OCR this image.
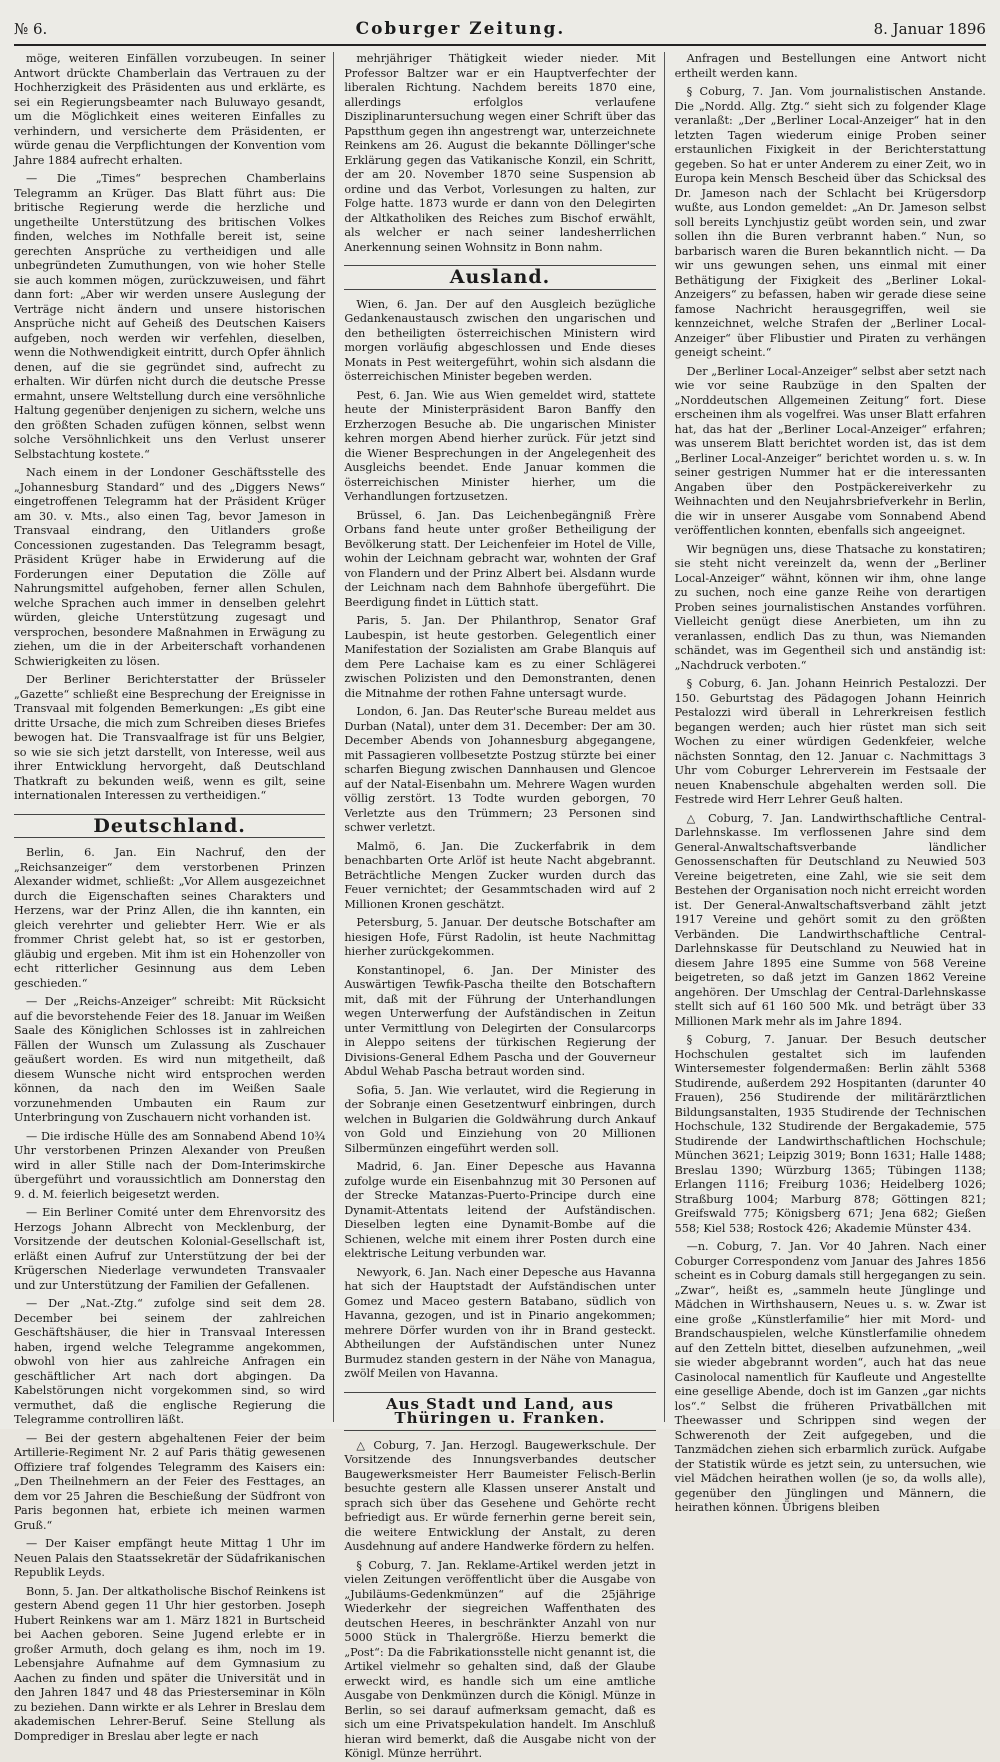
№ 6.	Coburger Zeitung.	8. Januar 1896

möge, weiteren Einfällen vorzubeugen. In seiner Antwort drückte Chamberlain das Vertrauen zu der Hochherzigkeit des Präsidenten aus und erklärte, es sei ein Regierungsbeamter nach Buluwayo gesandt, um die Möglichkeit eines weiteren Einfalles zu verhindern, und versicherte dem Präsidenten, er würde genau die Verpflichtungen der Konvention vom Jahre 1884 aufrecht erhalten.

— Die „Times“ besprechen Chamberlains Telegramm an Krüger. Das Blatt führt aus: Die britische Regierung werde die herzliche und ungetheilte Unterstützung des britischen Volkes finden, welches im Nothfalle bereit ist, seine gerechten Ansprüche zu vertheidigen und alle unbegründeten Zumuthungen, von wie hoher Stelle sie auch kommen mögen, zurückzuweisen, und fährt dann fort: „Aber wir werden unsere Auslegung der Verträge nicht ändern und unsere historischen Ansprüche nicht auf Geheiß des Deutschen Kaisers aufgeben, noch werden wir verfehlen, dieselben, wenn die Nothwendigkeit eintritt, durch Opfer ähnlich denen, auf die sie gegründet sind, aufrecht zu erhalten. Wir dürfen nicht durch die deutsche Presse ermahnt, unsere Weltstellung durch eine versöhnliche Haltung gegenüber denjenigen zu sichern, welche uns den größten Schaden zufügen können, selbst wenn solche Versöhnlichkeit uns den Verlust unserer Selbstachtung kostete.“

Nach einem in der Londoner Geschäftsstelle des „Johannesburg Standard“ und des „Diggers News“ eingetroffenen Telegramm hat der Präsident Krüger am 30. v. Mts., also einen Tag, bevor Jameson in Transvaal eindrang, den Uitlanders große Concessionen zugestanden. Das Telegramm besagt, Präsident Krüger habe in Erwiderung auf die Forderungen einer Deputation die Zölle auf Nahrungsmittel aufgehoben, ferner allen Schulen, welche Sprachen auch immer in denselben gelehrt würden, gleiche Unterstützung zugesagt und versprochen, besondere Maßnahmen in Erwägung zu ziehen, um die in der Arbeiterschaft vorhandenen Schwierigkeiten zu lösen.

Der Berliner Berichterstatter der Brüsseler „Gazette“ schließt eine Besprechung der Ereignisse in Transvaal mit folgenden Bemerkungen: „Es gibt eine dritte Ursache, die mich zum Schreiben dieses Briefes bewogen hat. Die Transvaalfrage ist für uns Belgier, so wie sie sich jetzt darstellt, von Interesse, weil aus ihrer Entwicklung hervorgeht, daß Deutschland Thatkraft zu bekunden weiß, wenn es gilt, seine internationalen Interessen zu vertheidigen.“

Deutschland.

Berlin, 6. Jan. Ein Nachruf, den der „Reichsanzeiger“ dem verstorbenen Prinzen Alexander widmet, schließt: „Vor Allem ausgezeichnet durch die Eigenschaften seines Charakters und Herzens, war der Prinz Allen, die ihn kannten, ein gleich verehrter und geliebter Herr. Wie er als frommer Christ gelebt hat, so ist er gestorben, gläubig und ergeben. Mit ihm ist ein Hohenzoller von echt ritterlicher Gesinnung aus dem Leben geschieden.“

— Der „Reichs-Anzeiger“ schreibt: Mit Rücksicht auf die bevorstehende Feier des 18. Januar im Weißen Saale des Königlichen Schlosses ist in zahlreichen Fällen der Wunsch um Zulassung als Zuschauer geäußert worden. Es wird nun mitgetheilt, daß diesem Wunsche nicht wird entsprochen werden können, da nach den im Weißen Saale vorzunehmenden Umbauten ein Raum zur Unterbringung von Zuschauern nicht vorhanden ist.

— Die irdische Hülle des am Sonnabend Abend 10¾ Uhr verstorbenen Prinzen Alexander von Preußen wird in aller Stille nach der Dom-Interimskirche übergeführt und voraussichtlich am Donnerstag den 9. d. M. feierlich beigesetzt werden.

— Ein Berliner Comité unter dem Ehrenvorsitz des Herzogs Johann Albrecht von Mecklenburg, der Vorsitzende der deutschen Kolonial-Gesellschaft ist, erläßt einen Aufruf zur Unterstützung der bei der Krügerschen Niederlage verwundeten Transvaaler und zur Unterstützung der Familien der Gefallenen.

— Der „Nat.-Ztg.“ zufolge sind seit dem 28. December bei seinem der zahlreichen Geschäftshäuser, die hier in Transvaal Interessen haben, irgend welche Telegramme angekommen, obwohl von hier aus zahlreiche Anfragen ein geschäftlicher Art nach dort abgingen. Da Kabelstörungen nicht vorgekommen sind, so wird vermuthet, daß die englische Regierung die Telegramme controlliren läßt.

— Bei der gestern abgehaltenen Feier der beim Artillerie-Regiment Nr. 2 auf Paris thätig gewesenen Offiziere traf folgendes Telegramm des Kaisers ein: „Den Theilnehmern an der Feier des Festtages, an dem vor 25 Jahren die Beschießung der Südfront von Paris begonnen hat, erbiete ich meinen warmen Gruß.“

— Der Kaiser empfängt heute Mittag 1 Uhr im Neuen Palais den Staatssekretär der Südafrikanischen Republik Leyds.

Bonn, 5. Jan. Der altkatholische Bischof Reinkens ist gestern Abend gegen 11 Uhr hier gestorben. Joseph Hubert Reinkens war am 1. März 1821 in Burtscheid bei Aachen geboren. Seine Jugend erlebte er in großer Armuth, doch gelang es ihm, noch im 19. Lebensjahre Aufnahme auf dem Gymnasium zu Aachen zu finden und später die Universität und in den Jahren 1847 und 48 das Priesterseminar in Köln zu beziehen. Dann wirkte er als Lehrer in Breslau dem akademischen Lehrer-Beruf. Seine Stellung als Domprediger in Breslau aber legte er nach

mehrjähriger Thätigkeit wieder nieder. Mit Professor Baltzer war er ein Hauptverfechter der liberalen Richtung. Nachdem bereits 1870 eine, allerdings erfolglos verlaufene Disziplinaruntersuchung wegen einer Schrift über das Papstthum gegen ihn angestrengt war, unterzeichnete Reinkens am 26. August die bekannte Döllinger'sche Erklärung gegen das Vatikanische Konzil, ein Schritt, der am 20. November 1870 seine Suspension ab ordine und das Verbot, Vorlesungen zu halten, zur Folge hatte. 1873 wurde er dann von den Delegirten der Altkatholiken des Reiches zum Bischof erwählt, als welcher er nach seiner landesherrlichen Anerkennung seinen Wohnsitz in Bonn nahm.

Ausland.

Wien, 6. Jan. Der auf den Ausgleich bezügliche Gedankenaustausch zwischen den ungarischen und den betheiligten österreichischen Ministern wird morgen vorläufig abgeschlossen und Ende dieses Monats in Pest weitergeführt, wohin sich alsdann die österreichischen Minister begeben werden.

Pest, 6. Jan. Wie aus Wien gemeldet wird, stattete heute der Ministerpräsident Baron Banffy den Erzherzogen Besuche ab. Die ungarischen Minister kehren morgen Abend hierher zurück. Für jetzt sind die Wiener Besprechungen in der Angelegenheit des Ausgleichs beendet. Ende Januar kommen die österreichischen Minister hierher, um die Verhandlungen fortzusetzen.

Brüssel, 6. Jan. Das Leichenbegängniß Frère Orbans fand heute unter großer Betheiligung der Bevölkerung statt. Der Leichenfeier im Hotel de Ville, wohin der Leichnam gebracht war, wohnten der Graf von Flandern und der Prinz Albert bei. Alsdann wurde der Leichnam nach dem Bahnhofe übergeführt. Die Beerdigung findet in Lüttich statt.

Paris, 5. Jan. Der Philanthrop, Senator Graf Laubespin, ist heute gestorben. Gelegentlich einer Manifestation der Sozialisten am Grabe Blanquis auf dem Pere Lachaise kam es zu einer Schlägerei zwischen Polizisten und den Demonstranten, denen die Mitnahme der rothen Fahne untersagt wurde.

London, 6. Jan. Das Reuter'sche Bureau meldet aus Durban (Natal), unter dem 31. December: Der am 30. December Abends von Johannesburg abgegangene, mit Passagieren vollbesetzte Postzug stürzte bei einer scharfen Biegung zwischen Dannhausen und Glencoe auf der Natal-Eisenbahn um. Mehrere Wagen wurden völlig zerstört. 13 Todte wurden geborgen, 70 Verletzte aus den Trümmern; 23 Personen sind schwer verletzt.

Malmö, 6. Jan. Die Zuckerfabrik in dem benachbarten Orte Arlöf ist heute Nacht abgebrannt. Beträchtliche Mengen Zucker wurden durch das Feuer vernichtet; der Gesammtschaden wird auf 2 Millionen Kronen geschätzt.

Petersburg, 5. Januar. Der deutsche Botschafter am hiesigen Hofe, Fürst Radolin, ist heute Nachmittag hierher zurückgekommen.

Konstantinopel, 6. Jan. Der Minister des Auswärtigen Tewfik-Pascha theilte den Botschaftern mit, daß mit der Führung der Unterhandlungen wegen Unterwerfung der Aufständischen in Zeitun unter Vermittlung von Delegirten der Consularcorps in Aleppo seitens der türkischen Regierung der Divisions-General Edhem Pascha und der Gouverneur Abdul Wehab Pascha betraut worden sind.

Sofia, 5. Jan. Wie verlautet, wird die Regierung in der Sobranje einen Gesetzentwurf einbringen, durch welchen in Bulgarien die Goldwährung durch Ankauf von Gold und Einziehung von 20 Millionen Silbermünzen eingeführt werden soll.

Madrid, 6. Jan. Einer Depesche aus Havanna zufolge wurde ein Eisenbahnzug mit 30 Personen auf der Strecke Matanzas-Puerto-Principe durch eine Dynamit-Attentats leitend der Aufständischen. Dieselben legten eine Dynamit-Bombe auf die Schienen, welche mit einem ihrer Posten durch eine elektrische Leitung verbunden war.

Newyork, 6. Jan. Nach einer Depesche aus Havanna hat sich der Hauptstadt der Aufständischen unter Gomez und Maceo gestern Batabano, südlich von Havanna, gezogen, und ist in Pinario angekommen; mehrere Dörfer wurden von ihr in Brand gesteckt. Abtheilungen der Aufständischen unter Nunez Burmudez standen gestern in der Nähe von Managua, zwölf Meilen von Havanna.

Aus Stadt und Land, aus Thüringen u. Franken.

△ Coburg, 7. Jan. Herzogl. Baugewerkschule. Der Vorsitzende des Innungsverbandes deutscher Baugewerksmeister Herr Baumeister Felisch-Berlin besuchte gestern alle Klassen unserer Anstalt und sprach sich über das Gesehene und Gehörte recht befriedigt aus. Er würde fernerhin gerne bereit sein, die weitere Entwicklung der Anstalt, zu deren Ausdehnung auf andere Handwerke fördern zu helfen.

§ Coburg, 7. Jan. Reklame-Artikel werden jetzt in vielen Zeitungen veröffentlicht über die Ausgabe von „Jubiläums-Gedenkmünzen“ auf die 25jährige Wiederkehr der siegreichen Waffenthaten des deutschen Heeres, in beschränkter Anzahl von nur 5000 Stück in Thalergröße. Hierzu bemerkt die „Post“: Da die Fabrikationsstelle nicht genannt ist, die Artikel vielmehr so gehalten sind, daß der Glaube erweckt wird, es handle sich um eine amtliche Ausgabe von Denkmünzen durch die Königl. Münze in Berlin, so sei darauf aufmerksam gemacht, daß es sich um eine Privatspekulation handelt. Im Anschluß hieran wird bemerkt, daß die Ausgabe nicht von der Königl. Münze herrührt.

Anfragen und Bestellungen eine Antwort nicht ertheilt werden kann.

§ Coburg, 7. Jan. Vom journalistischen Anstande. Die „Nordd. Allg. Ztg.“ sieht sich zu folgender Klage veranlaßt: „Der „Berliner Local-Anzeiger“ hat in den letzten Tagen wiederum einige Proben seiner erstaunlichen Fixigkeit in der Berichterstattung gegeben. So hat er unter Anderem zu einer Zeit, wo in Europa kein Mensch Bescheid über das Schicksal des Dr. Jameson nach der Schlacht bei Krügersdorp wußte, aus London gemeldet: „An Dr. Jameson selbst soll bereits Lynchjustiz geübt worden sein, und zwar sollen ihn die Buren verbrannt haben.“ Nun, so barbarisch waren die Buren bekanntlich nicht. — Da wir uns gewungen sehen, uns einmal mit einer Bethätigung der Fixigkeit des „Berliner Lokal-Anzeigers“ zu befassen, haben wir gerade diese seine famose Nachricht herausgegriffen, weil sie kennzeichnet, welche Strafen der „Berliner Local-Anzeiger“ über Flibustier und Piraten zu verhängen geneigt scheint.“

Der „Berliner Local-Anzeiger“ selbst aber setzt nach wie vor seine Raubzüge in den Spalten der „Norddeutschen Allgemeinen Zeitung“ fort. Diese erscheinen ihm als vogelfrei. Was unser Blatt erfahren hat, das hat der „Berliner Local-Anzeiger“ erfahren; was unserem Blatt berichtet worden ist, das ist dem „Berliner Local-Anzeiger“ berichtet worden u. s. w. In seiner gestrigen Nummer hat er die interessanten Angaben über den Postpäckereiverkehr zu Weihnachten und den Neujahrsbriefverkehr in Berlin, die wir in unserer Ausgabe vom Sonnabend Abend veröffentlichen konnten, ebenfalls sich angeeignet.

Wir begnügen uns, diese Thatsache zu konstatiren; sie steht nicht vereinzelt da, wenn der „Berliner Local-Anzeiger“ wähnt, können wir ihm, ohne lange zu suchen, noch eine ganze Reihe von derartigen Proben seines journalistischen Anstandes vorführen. Vielleicht genügt diese Anerbieten, um ihn zu veranlassen, endlich Das zu thun, was Niemanden schändet, was im Gegentheil sich und anständig ist: „Nachdruck verboten.“

§ Coburg, 6. Jan. Johann Heinrich Pestalozzi. Der 150. Geburtstag des Pädagogen Johann Heinrich Pestalozzi wird überall in Lehrerkreisen festlich begangen werden; auch hier rüstet man sich seit Wochen zu einer würdigen Gedenkfeier, welche nächsten Sonntag, den 12. Januar c. Nachmittags 3 Uhr vom Coburger Lehrerverein im Festsaale der neuen Knabenschule abgehalten werden soll. Die Festrede wird Herr Lehrer Geuß halten.

△ Coburg, 7. Jan. Landwirthschaftliche Central-Darlehnskasse. Im verflossenen Jahre sind dem General-Anwaltschaftsverbande ländlicher Genossenschaften für Deutschland zu Neuwied 503 Vereine beigetreten, eine Zahl, wie sie seit dem Bestehen der Organisation noch nicht erreicht worden ist. Der General-Anwaltschaftsverband zählt jetzt 1917 Vereine und gehört somit zu den größten Verbänden. Die Landwirthschaftliche Central-Darlehnskasse für Deutschland zu Neuwied hat in diesem Jahre 1895 eine Summe von 568 Vereine beigetreten, so daß jetzt im Ganzen 1862 Vereine angehören. Der Umschlag der Central-Darlehnskasse stellt sich auf 61 160 500 Mk. und beträgt über 33 Millionen Mark mehr als im Jahre 1894.

§ Coburg, 7. Januar. Der Besuch deutscher Hochschulen gestaltet sich im laufenden Wintersemester folgendermaßen: Berlin zählt 5368 Studirende, außerdem 292 Hospitanten (darunter 40 Frauen), 256 Studirende der militärärztlichen Bildungsanstalten, 1935 Studirende der Technischen Hochschule, 132 Studirende der Bergakademie, 575 Studirende der Landwirthschaftlichen Hochschule; München 3621; Leipzig 3019; Bonn 1631; Halle 1488; Breslau 1390; Würzburg 1365; Tübingen 1138; Erlangen 1116; Freiburg 1036; Heidelberg 1026; Straßburg 1004; Marburg 878; Göttingen 821; Greifswald 775; Königsberg 671; Jena 682; Gießen 558; Kiel 538; Rostock 426; Akademie Münster 434.

—n. Coburg, 7. Jan. Vor 40 Jahren. Nach einer Coburger Correspondenz vom Januar des Jahres 1856 scheint es in Coburg damals still hergegangen zu sein. „Zwar“, heißt es, „sammeln heute Jünglinge und Mädchen in Wirthshausern, Neues u. s. w. Zwar ist eine große „Künstlerfamilie“ hier mit Mord- und Brandschauspielen, welche Künstlerfamilie ohnedem auf den Zetteln bittet, dieselben aufzunehmen, „weil sie wieder abgebrannt worden“, auch hat das neue Casinolocal namentlich für Kaufleute und Angestellte eine gesellige Abende, doch ist im Ganzen „gar nichts los“.“ Selbst die früheren Privatbällchen mit Theewasser und Schrippen sind wegen der Schwerenoth der Zeit aufgegeben, und die Tanzmädchen ziehen sich erbarmlich zurück. Aufgabe der Statistik würde es jetzt sein, zu untersuchen, wie viel Mädchen heirathen wollen (je so, da wolls alle), gegenüber den Jünglingen und Männern, die heirathen können. Übrigens bleiben
